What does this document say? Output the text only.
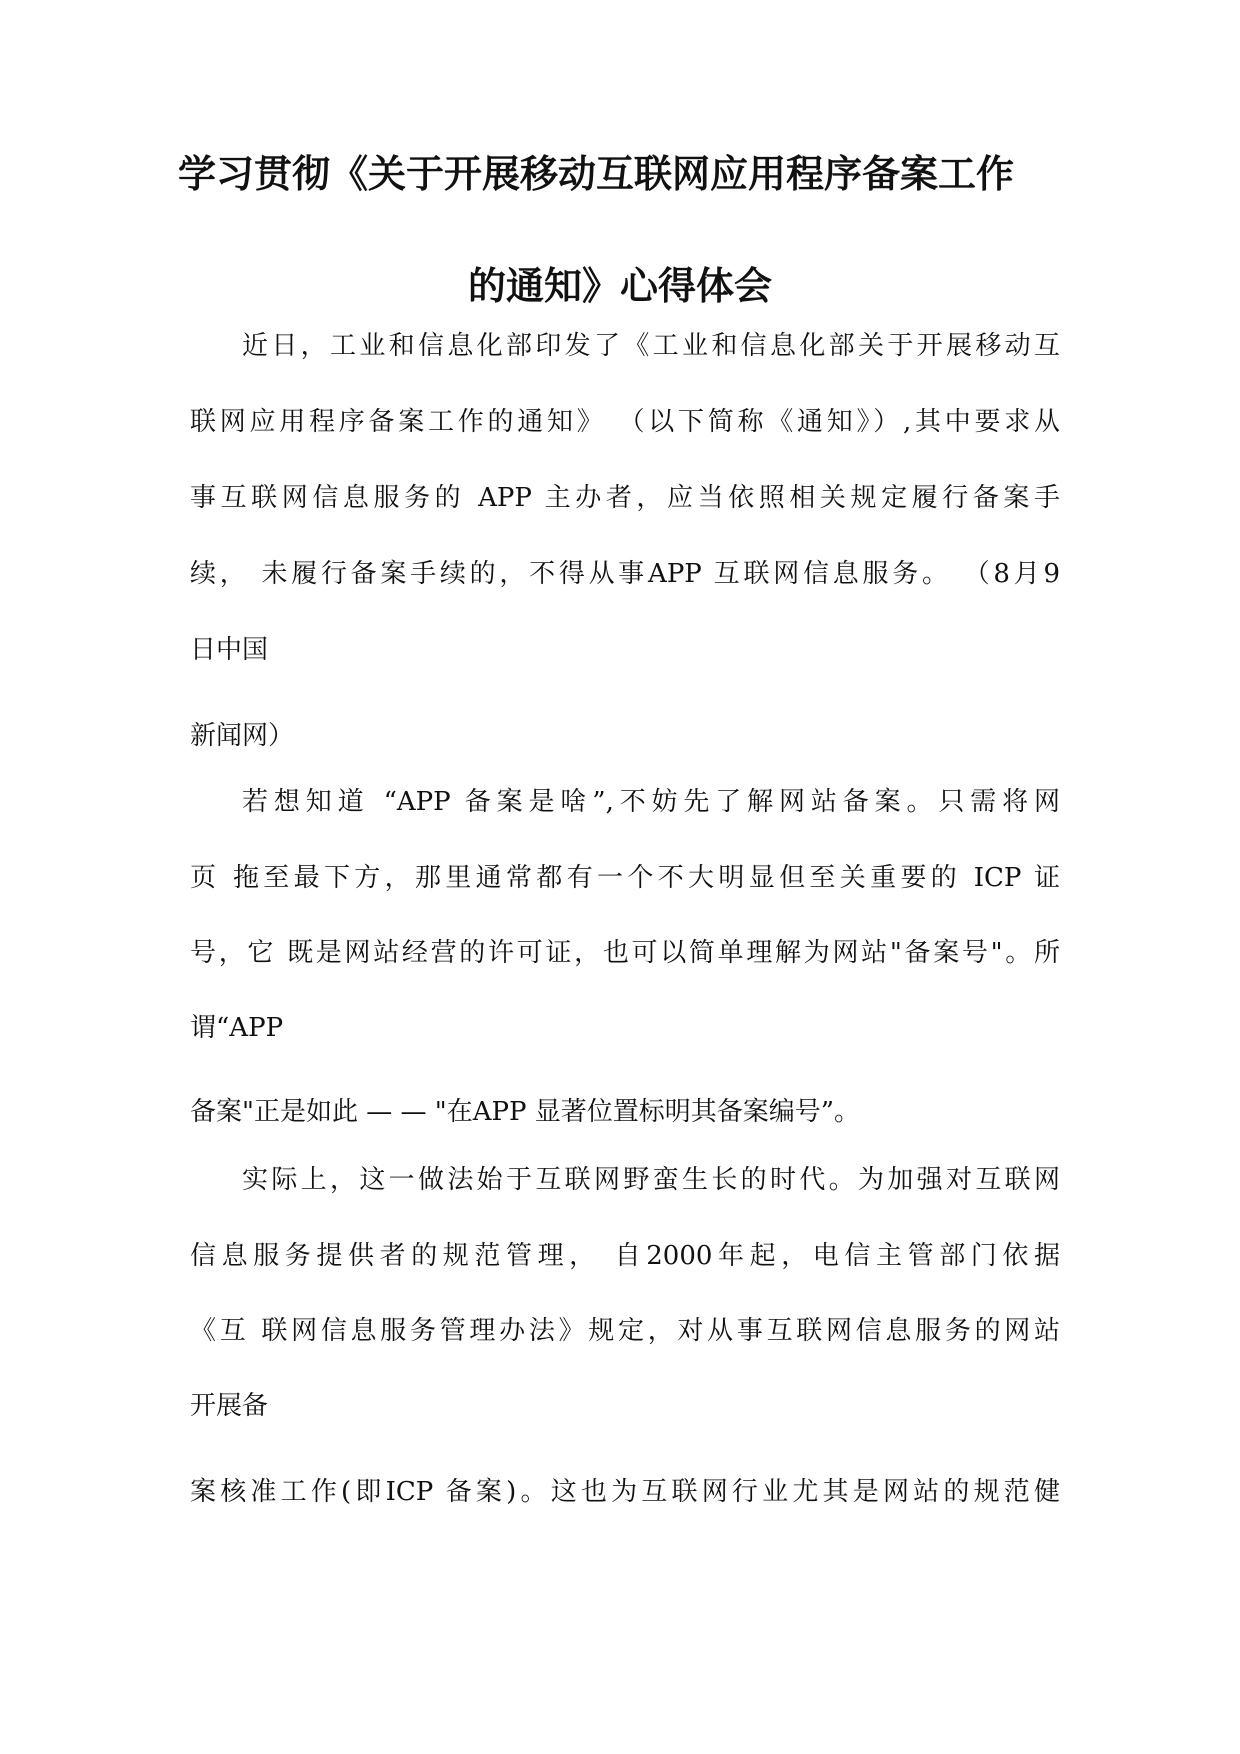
学习贯彻《关于开展移动互联网应用程序备案工作
的通知》心得体会
近日，工业和信息化部印发了《工业和信息化部关于开展移动互
联网应用程序备案工作的通知》 （以下简称《通知》）,其中要求从
事互联网信息服务的 APP 主办者，应当依照相关规定履行备案手
续， 未履行备案手续的，不得从事APP 互联网信息服务。 （8月9
日中国
新闻网）
若想知道 “APP 备案是啥”,不妨先了解网站备案。只需将网
页 拖至最下方，那里通常都有一个不大明显但至关重要的 ICP 证
号，它 既是网站经营的许可证，也可以简单理解为网站"备案号"。所
谓“APP
备案"正是如此 — — "在APP 显著位置标明其备案编号”。
实际上，这一做法始于互联网野蛮生长的时代。为加强对互联网
信息服务提供者的规范管理， 自2000年起，电信主管部门依据
《互 联网信息服务管理办法》规定，对从事互联网信息服务的网站
开展备
案核准工作(即ICP 备案)。这也为互联网行业尤其是网站的规范健
